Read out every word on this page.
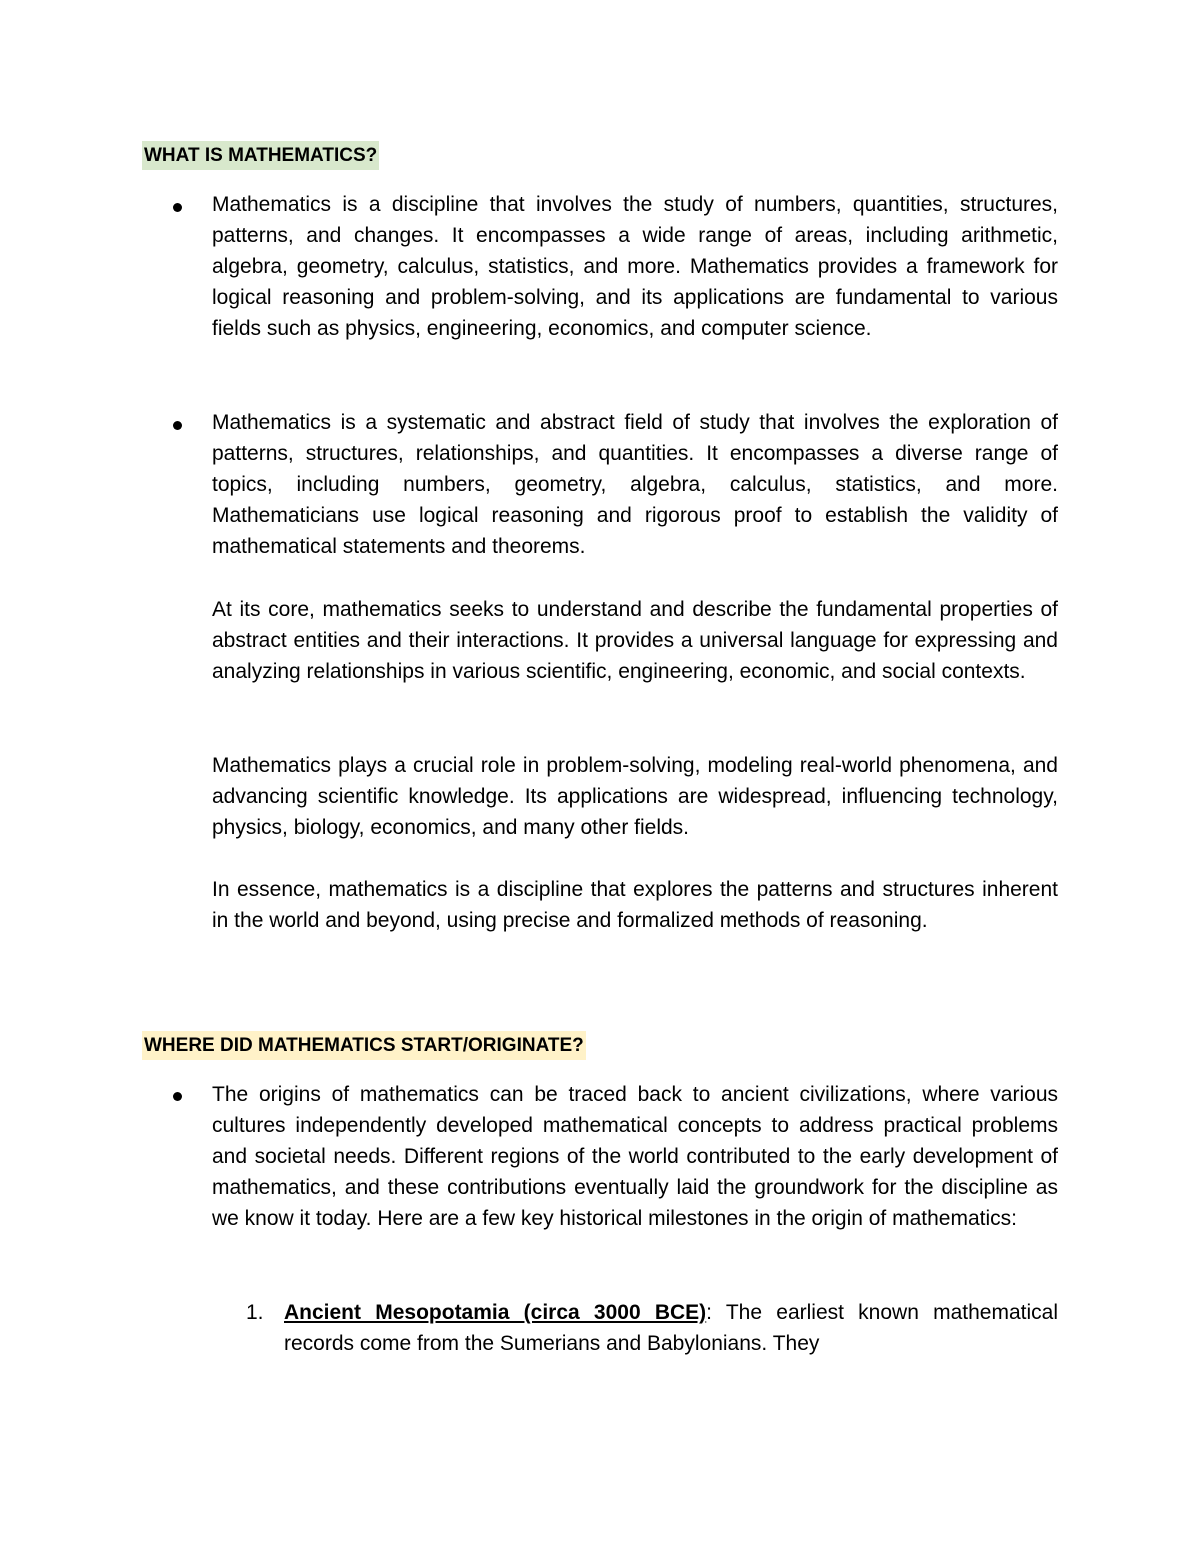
WHAT IS MATHEMATICS?

Mathematics is a discipline that involves the study of numbers, quantities, structures, patterns, and changes. It encompasses a wide range of areas, including arithmetic, algebra, geometry, calculus, statistics, and more. Mathematics provides a framework for logical reasoning and problem-solving, and its applications are fundamental to various fields such as physics, engineering, economics, and computer science.

Mathematics is a systematic and abstract field of study that involves the exploration of patterns, structures, relationships, and quantities. It encompasses a diverse range of topics, including numbers, geometry, algebra, calculus, statistics, and more. Mathematicians use logical reasoning and rigorous proof to establish the validity of mathematical statements and theorems.

At its core, mathematics seeks to understand and describe the fundamental properties of abstract entities and their interactions. It provides a universal language for expressing and analyzing relationships in various scientific, engineering, economic, and social contexts.

Mathematics plays a crucial role in problem-solving, modeling real-world phenomena, and advancing scientific knowledge. Its applications are widespread, influencing technology, physics, biology, economics, and many other fields.

In essence, mathematics is a discipline that explores the patterns and structures inherent in the world and beyond, using precise and formalized methods of reasoning.

WHERE DID MATHEMATICS START/ORIGINATE?

The origins of mathematics can be traced back to ancient civilizations, where various cultures independently developed mathematical concepts to address practical problems and societal needs. Different regions of the world contributed to the early development of mathematics, and these contributions eventually laid the groundwork for the discipline as we know it today. Here are a few key historical milestones in the origin of mathematics:

1. Ancient Mesopotamia (circa 3000 BCE): The earliest known mathematical records come from the Sumerians and Babylonians. They
